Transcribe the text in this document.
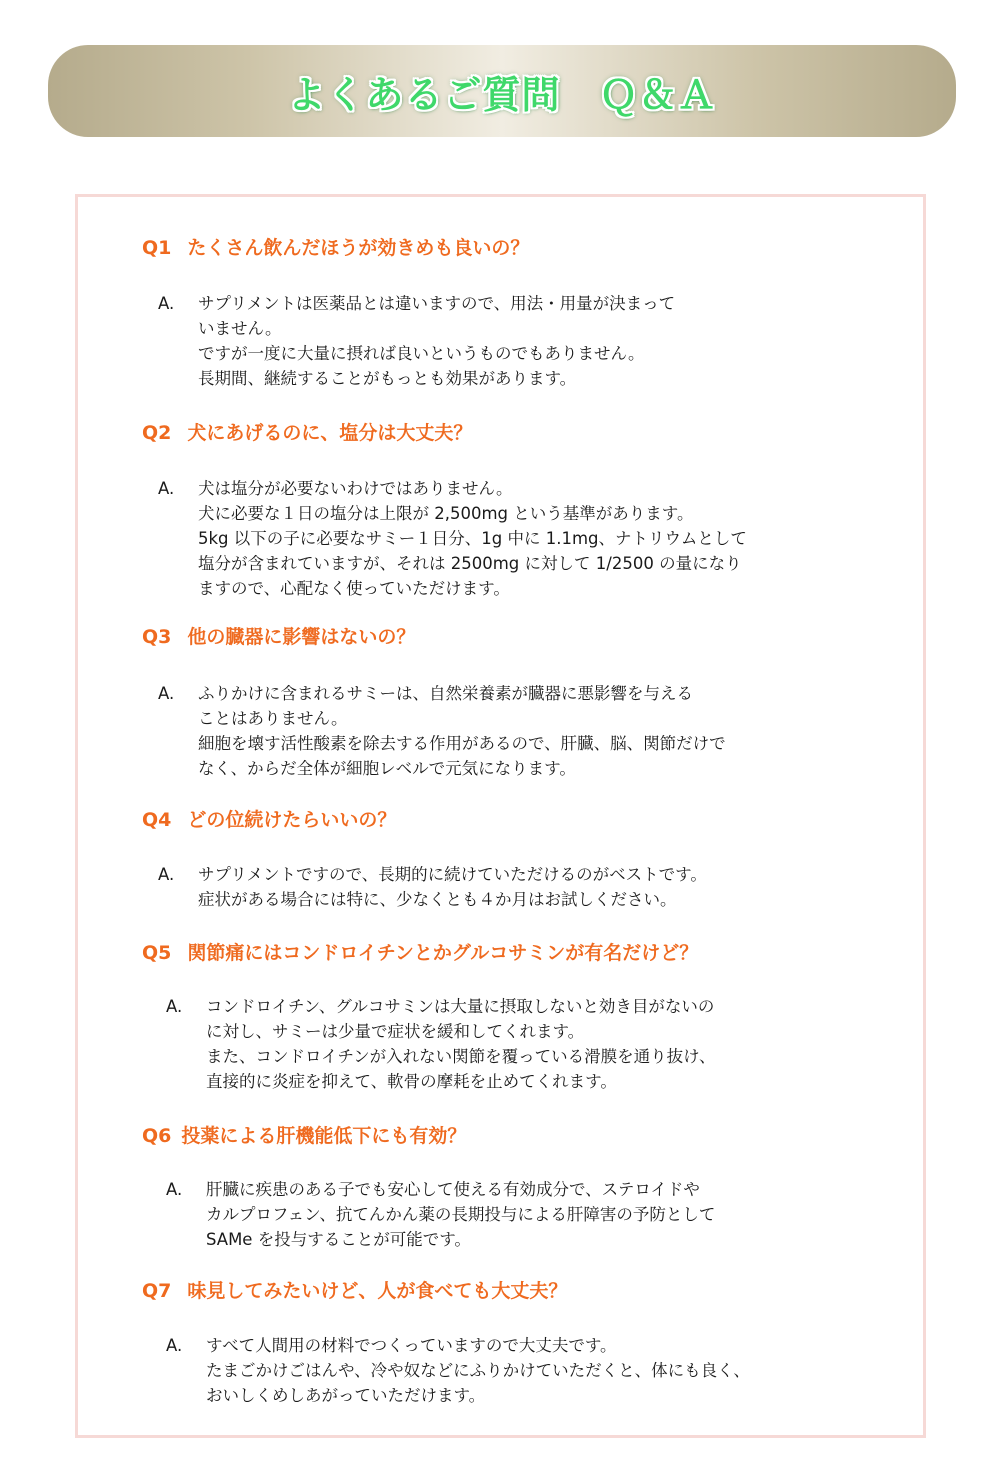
よくあるご質問　Ｑ＆Ａ
Q1 たくさん飲んだほうが効きめも良いの？
A. サプリメントは医薬品とは違いますので、用法・用量が決まって
いません。
ですが一度に大量に摂れば良いというものでもありません。
長期間、継続することがもっとも効果があります。
Q2 犬にあげるのに、塩分は大丈夫？
A. 犬は塩分が必要ないわけではありません。
犬に必要な１日の塩分は上限が 2,500mg という基準があります。
5kg 以下の子に必要なサミー１日分、1g 中に 1.1mg、ナトリウムとして
塩分が含まれていますが、それは 2500mg に対して 1/2500 の量になり
ますので、心配なく使っていただけます。
Q3 他の臓器に影響はないの？
A. ふりかけに含まれるサミーは、自然栄養素が臓器に悪影響を与える
ことはありません。
細胞を壊す活性酸素を除去する作用があるので、肝臓、脳、関節だけで
なく、からだ全体が細胞レベルで元気になります。
Q4 どの位続けたらいいの？
A. サプリメントですので、長期的に続けていただけるのがベストです。
症状がある場合には特に、少なくとも４か月はお試しください。
Q5 関節痛にはコンドロイチンとかグルコサミンが有名だけど？
A. コンドロイチン、グルコサミンは大量に摂取しないと効き目がないの
に対し、サミーは少量で症状を緩和してくれます。
また、コンドロイチンが入れない関節を覆っている滑膜を通り抜け、
直接的に炎症を抑えて、軟骨の摩耗を止めてくれます。
Q6 投薬による肝機能低下にも有効？
A. 肝臓に疾患のある子でも安心して使える有効成分で、ステロイドや
カルプロフェン、抗てんかん薬の長期投与による肝障害の予防として
SAMe を投与することが可能です。
Q7 味見してみたいけど、人が食べても大丈夫？
A. すべて人間用の材料でつくっていますので大丈夫です。
たまごかけごはんや、冷や奴などにふりかけていただくと、体にも良く、
おいしくめしあがっていただけます。
